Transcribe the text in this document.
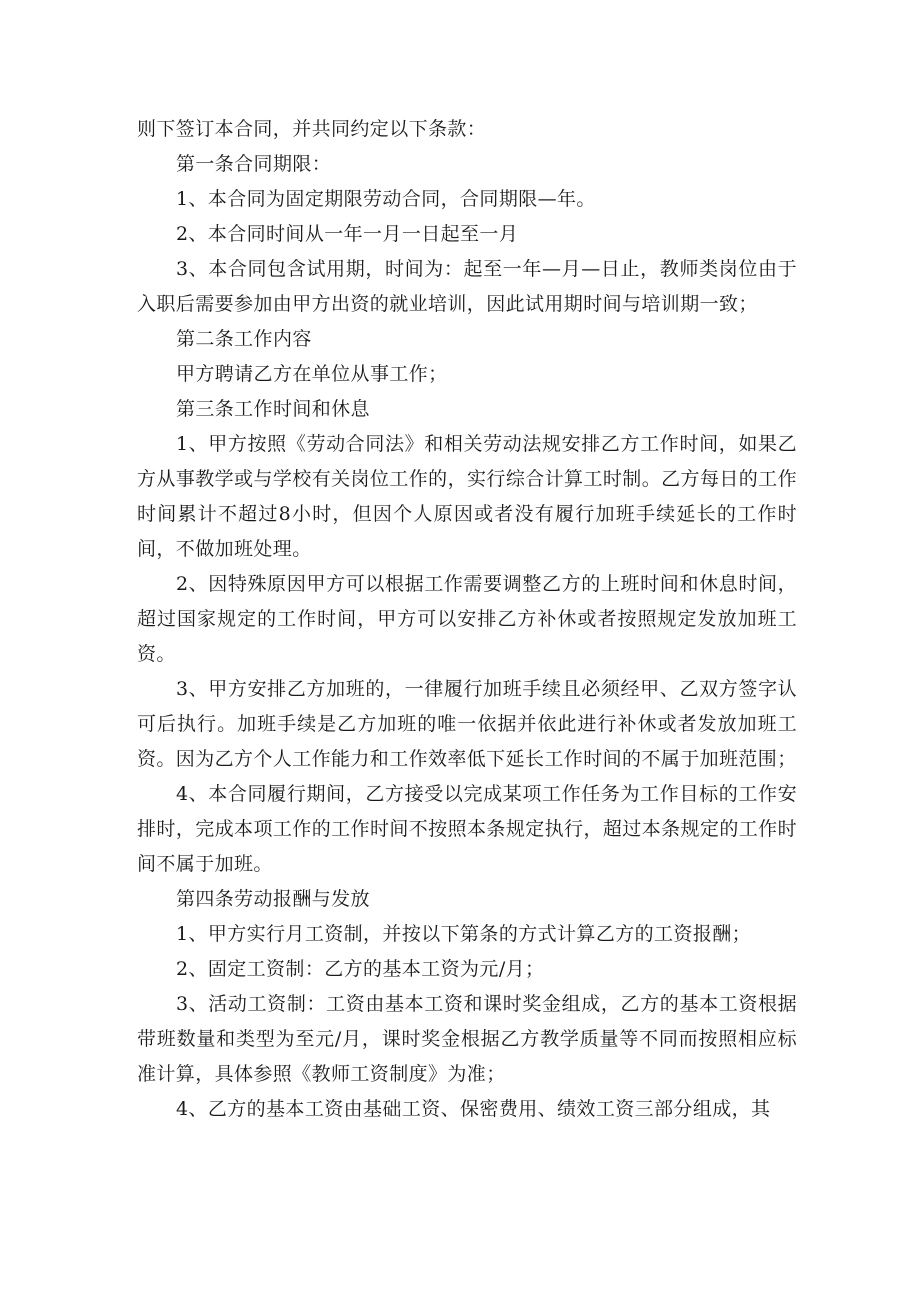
则下签订本合同，并共同约定以下条款：

第一条合同期限：

1、本合同为固定期限劳动合同，合同期限—年。

2、本合同时间从一年一月一日起至一月

3、本合同包含试用期，时间为：起至一年—月—日止，教师类岗位由于入职后需要参加由甲方出资的就业培训，因此试用期时间与培训期一致；

第二条工作内容

甲方聘请乙方在单位从事工作；

第三条工作时间和休息

1、甲方按照《劳动合同法》和相关劳动法规安排乙方工作时间，如果乙方从事教学或与学校有关岗位工作的，实行综合计算工时制。乙方每日的工作时间累计不超过8小时，但因个人原因或者没有履行加班手续延长的工作时间，不做加班处理。

2、因特殊原因甲方可以根据工作需要调整乙方的上班时间和休息时间，超过国家规定的工作时间，甲方可以安排乙方补休或者按照规定发放加班工资。

3、甲方安排乙方加班的，一律履行加班手续且必须经甲、乙双方签字认可后执行。加班手续是乙方加班的唯一依据并依此进行补休或者发放加班工资。因为乙方个人工作能力和工作效率低下延长工作时间的不属于加班范围；

4、本合同履行期间，乙方接受以完成某项工作任务为工作目标的工作安排时，完成本项工作的工作时间不按照本条规定执行，超过本条规定的工作时间不属于加班。

第四条劳动报酬与发放

1、甲方实行月工资制，并按以下第条的方式计算乙方的工资报酬；

2、固定工资制：乙方的基本工资为元/月；

3、活动工资制：工资由基本工资和课时奖金组成，乙方的基本工资根据带班数量和类型为至元/月，课时奖金根据乙方教学质量等不同而按照相应标准计算，具体参照《教师工资制度》为准；

4、乙方的基本工资由基础工资、保密费用、绩效工资三部分组成，其
